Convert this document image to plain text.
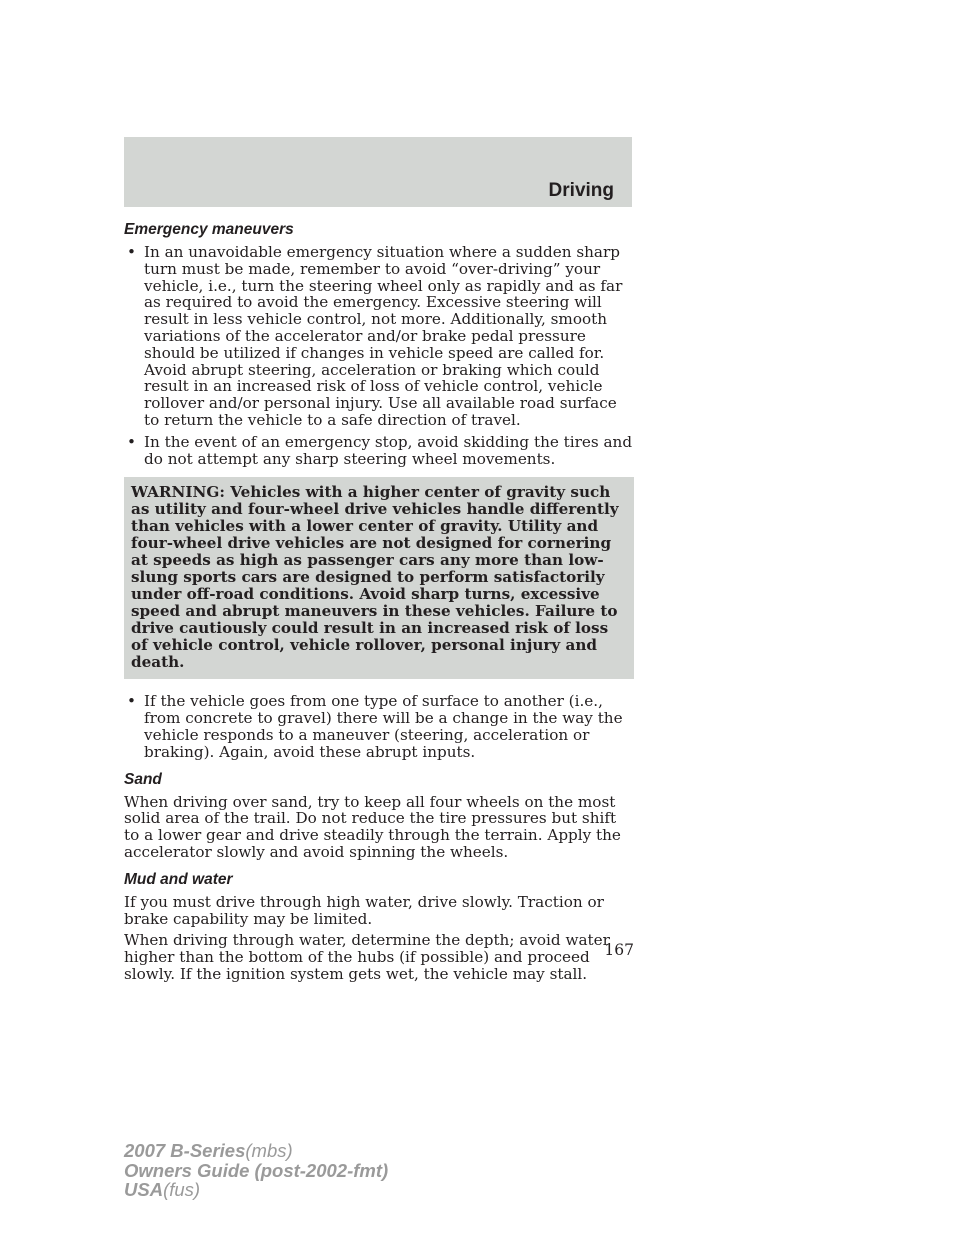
Driving
Emergency maneuvers
• In an unavoidable emergency situation where a sudden sharp turn must be made, remember to avoid “over-driving” your vehicle, i.e., turn the steering wheel only as rapidly and as far as required to avoid the emergency. Excessive steering will result in less vehicle control, not more. Additionally, smooth variations of the accelerator and/or brake pedal pressure should be utilized if changes in vehicle speed are called for. Avoid abrupt steering, acceleration or braking which could result in an increased risk of loss of vehicle control, vehicle rollover and/or personal injury. Use all available road surface to return the vehicle to a safe direction of travel.
• In the event of an emergency stop, avoid skidding the tires and do not attempt any sharp steering wheel movements.
WARNING: Vehicles with a higher center of gravity such as utility and four-wheel drive vehicles handle differently than vehicles with a lower center of gravity. Utility and four-wheel drive vehicles are not designed for cornering at speeds as high as passenger cars any more than low-slung sports cars are designed to perform satisfactorily under off-road conditions. Avoid sharp turns, excessive speed and abrupt maneuvers in these vehicles. Failure to drive cautiously could result in an increased risk of loss of vehicle control, vehicle rollover, personal injury and death.
• If the vehicle goes from one type of surface to another (i.e., from concrete to gravel) there will be a change in the way the vehicle responds to a maneuver (steering, acceleration or braking). Again, avoid these abrupt inputs.
Sand

When driving over sand, try to keep all four wheels on the most solid area of the trail. Do not reduce the tire pressures but shift to a lower gear and drive steadily through the terrain. Apply the accelerator slowly and avoid spinning the wheels.

Mud and water

If you must drive through high water, drive slowly. Traction or brake capability may be limited.

When driving through water, determine the depth; avoid water higher than the bottom of the hubs (if possible) and proceed slowly. If the ignition system gets wet, the vehicle may stall.

167
2007 B-Series(mbs)
Owners Guide (post-2002-fmt)
USA(fus)
